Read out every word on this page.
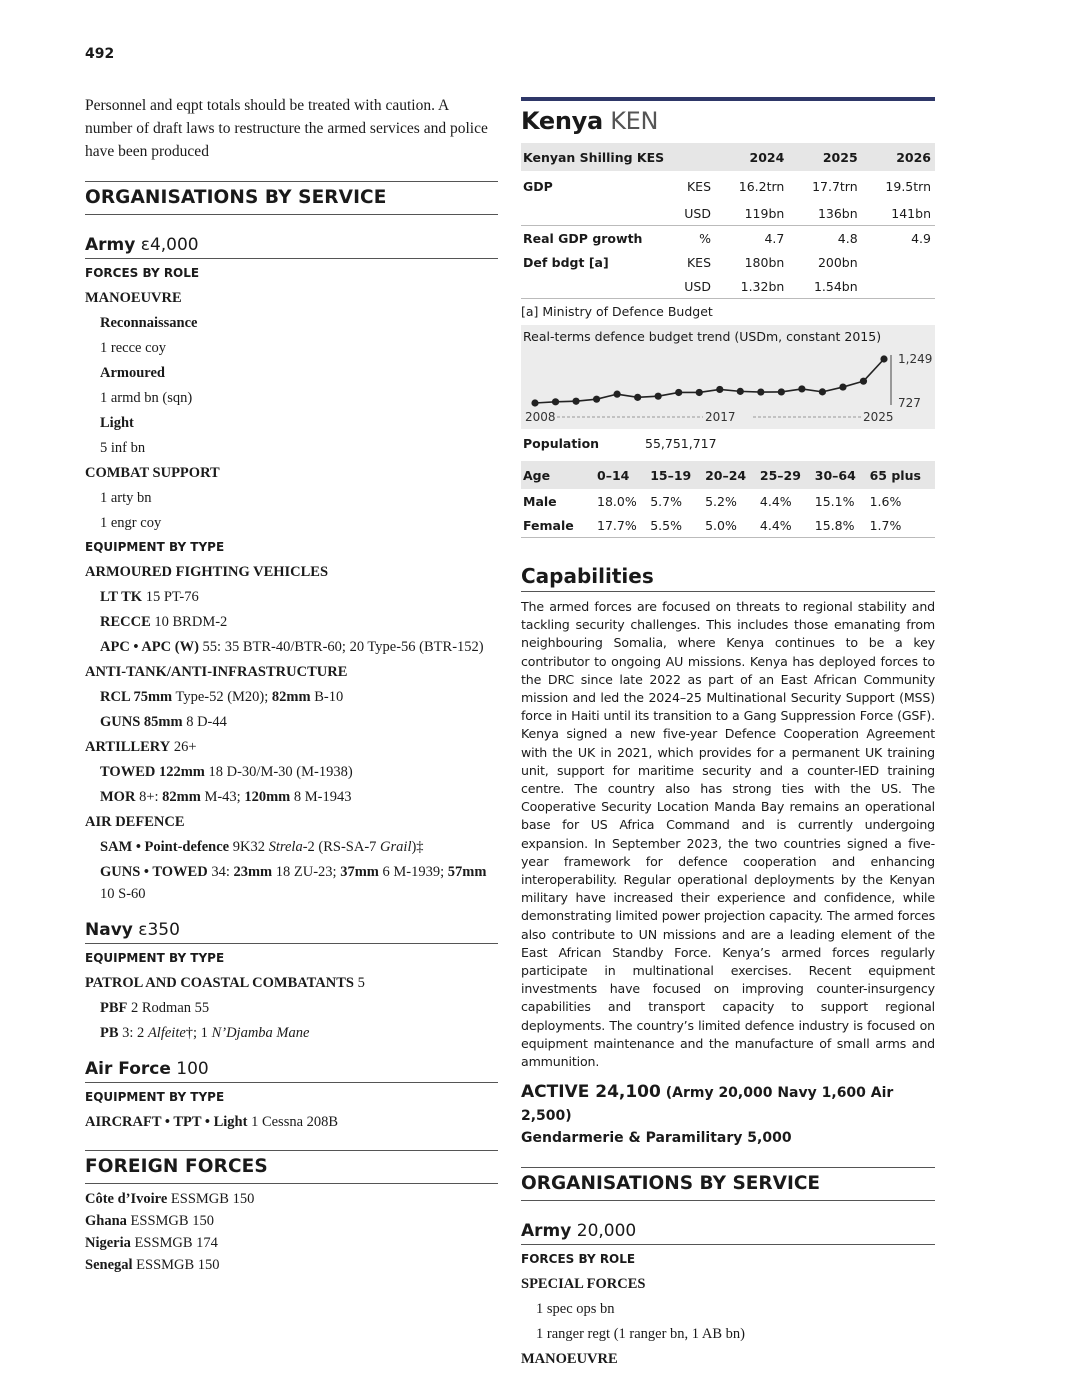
492

Personnel and eqpt totals should be treated with caution. A number of draft laws to restructure the armed services and police have been produced

ORGANISATIONS BY SERVICE
Army ε4,000
FORCES BY ROLE
MANOEUVRE
Reconnaissance
1 recce coy
Armoured
1 armd bn (sqn)
Light
5 inf bn
COMBAT SUPPORT
1 arty bn
1 engr coy
EQUIPMENT BY TYPE
ARMOURED FIGHTING VEHICLES
LT TK 15 PT-76
RECCE 10 BRDM-2
APC • APC (W) 55: 35 BTR-40/BTR-60; 20 Type-56 (BTR-152)
ANTI-TANK/ANTI-INFRASTRUCTURE
RCL 75mm Type-52 (M20); 82mm B-10
GUNS 85mm 8 D-44
ARTILLERY 26+
TOWED 122mm 18 D-30/M-30 (M-1938)
MOR 8+: 82mm M-43; 120mm 8 M-1943
AIR DEFENCE
SAM • Point-defence 9K32 Strela-2 (RS-SA-7 Grail)‡
GUNS • TOWED 34: 23mm 18 ZU-23; 37mm 6 M-1939; 57mm 10 S-60
Navy ε350
EQUIPMENT BY TYPE
PATROL AND COASTAL COMBATANTS 5
PBF 2 Rodman 55
PB 3: 2 Alfeite†; 1 N’Djamba Mane
Air Force 100
EQUIPMENT BY TYPE
AIRCRAFT • TPT • Light 1 Cessna 208B
FOREIGN FORCES

Côte d’Ivoire ESSMGB 150

Ghana ESSMGB 150

Nigeria ESSMGB 174

Senegal ESSMGB 150

Kenya KEN
Kenyan Shilling KES		2024	2025	2026
GDP	KES	16.2trn	17.7trn	19.5trn
	USD	119bn	136bn	141bn
Real GDP growth	%	4.7	4.8	4.9
Def bdgt [a]	KES	180bn	200bn	
	USD	1.32bn	1.54bn	
[a] Ministry of Defence Budget
Real-terms defence budget trend (USDm, constant 2015)
2008	2017	2025
1,249
727
Population	55,751,717
Age	0–14	15–19	20–24	25–29	30–64	65 plus
Male	18.0%	5.7%	5.2%	4.4%	15.1%	1.6%
Female	17.7%	5.5%	5.0%	4.4%	15.8%	1.7%
Capabilities

The armed forces are focused on threats to regional stability and tackling security challenges. This includes those emanating from neighbouring Somalia, where Kenya continues to be a key contributor to ongoing AU missions. Kenya has deployed forces to the DRC since late 2022 as part of an East African Community mission and led the 2024–25 Multinational Security Support (MSS) force in Haiti until its transition to a Gang Suppression Force (GSF). Kenya signed a new five-year Defence Cooperation Agreement with the UK in 2021, which provides for a permanent UK training unit, support for maritime security and a counter-IED training centre. The country also has strong ties with the US. The Cooperative Security Location Manda Bay remains an operational base for US Africa Command and is currently undergoing expansion. In September 2023, the two countries signed a five-year framework for defence cooperation and enhancing interoperability. Regular operational deployments by the Kenyan military have increased their experience and confidence, while demonstrating limited power projection capacity. The armed forces also contribute to UN missions and are a leading element of the East African Standby Force. Kenya’s armed forces regularly participate in multinational exercises. Recent equipment investments have focused on improving counter-insurgency capabilities and transport capacity to support regional deployments. The country’s limited defence industry is focused on equipment maintenance and the manufacture of small arms and ammunition.

ACTIVE 24,100 (Army 20,000 Navy 1,600 Air 2,500)

Gendarmerie & Paramilitary 5,000

ORGANISATIONS BY SERVICE
Army 20,000
FORCES BY ROLE
SPECIAL FORCES
1 spec ops bn
1 ranger regt (1 ranger bn, 1 AB bn)
MANOEUVRE
